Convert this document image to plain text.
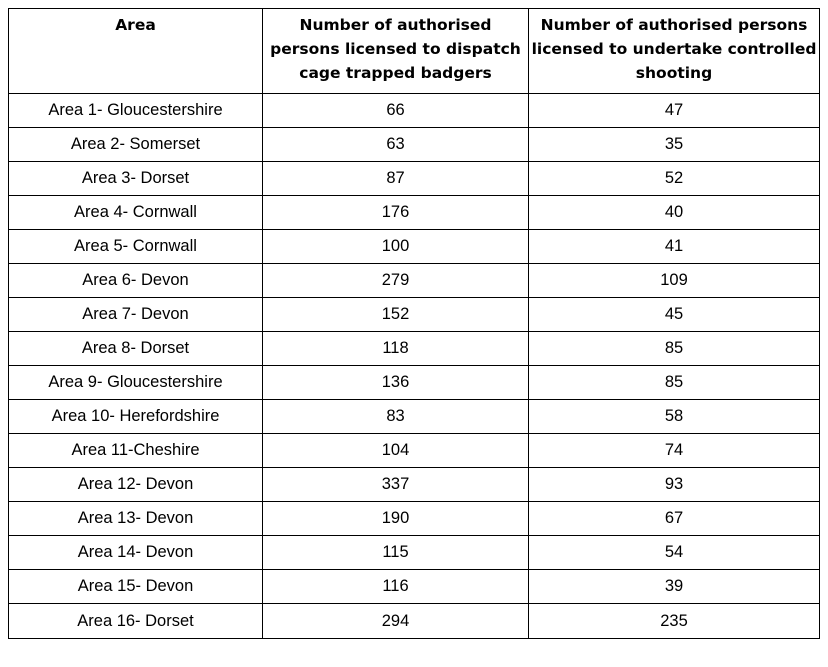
Area	Number of authorised persons licensed to dispatch cage trapped badgers	Number of authorised persons licensed to undertake controlled shooting
Area 1- Gloucestershire	66	47
Area 2- Somerset	63	35
Area 3- Dorset	87	52
Area 4- Cornwall	176	40
Area 5- Cornwall	100	41
Area 6- Devon	279	109
Area 7- Devon	152	45
Area 8- Dorset	118	85
Area 9- Gloucestershire	136	85
Area 10- Herefordshire	83	58
Area 11-Cheshire	104	74
Area 12- Devon	337	93
Area 13- Devon	190	67
Area 14- Devon	115	54
Area 15- Devon	116	39
Area 16- Dorset	294	235
